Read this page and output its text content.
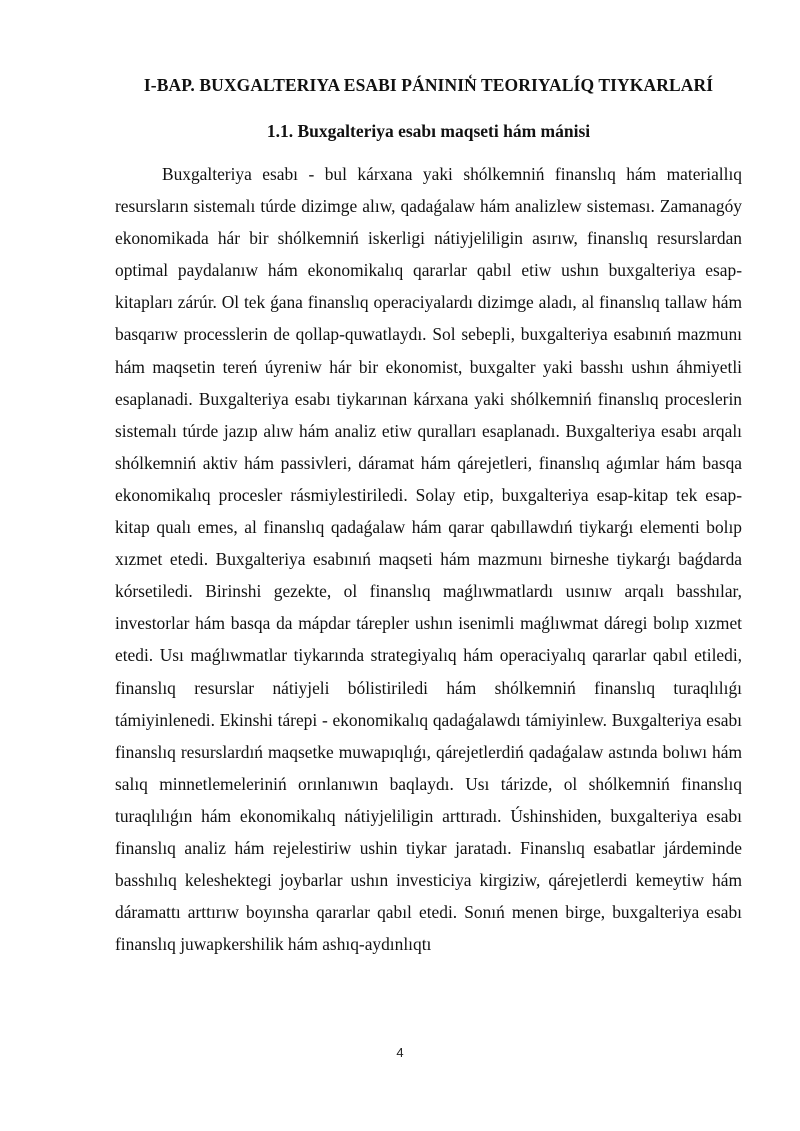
I-BAP. BUXGALTERIYA ESABI PÁNININ̒ TEORIYALÍQ TIYKARLARÍ
1.1. Buxgalteriya esabı maqseti hám mánisi

Buxgalteriya esabı - bul kárxana yaki shólkemniń finanslıq hám materiallıq resursların sistemalı túrde dizimge alıw, qadaǵalaw hám analizlew sisteması. Zamanagóy ekonomikada hár bir shólkemniń iskerligi nátiyjeliligin asırıw, finanslıq resurslardan optimal paydalanıw hám ekonomikalıq qararlar qabıl etiw ushın buxgalteriya esap-kitapları zárúr. Ol tek ǵana finanslıq operaciyalardı dizimge aladı, al finanslıq tallaw hám basqarıw processlerin de qollap-quwatlaydı. Sol sebepli, buxgalteriya esabınıń mazmunı hám maqsetin tereń úyreniw hár bir ekonomist, buxgalter yaki basshı ushın áhmiyetli esaplanadi. Buxgalteriya esabı tiykarınan kárxana yaki shólkemniń finanslıq proceslerin sistemalı túrde jazıp alıw hám analiz etiw quralları esaplanadı. Buxgalteriya esabı arqalı shólkemniń aktiv hám passivleri, dáramat hám qárejetleri, finanslıq aǵımlar hám basqa ekonomikalıq procesler rásmiylestiriledi. Solay etip, buxgalteriya esap-kitap tek esap-kitap qualı emes, al finanslıq qadaǵalaw hám qarar qabıllawdıń tiykarǵı elementi bolıp xızmet etedi. Buxgalteriya esabınıń maqseti hám mazmunı birneshe tiykarǵı baǵdarda kórsetiledi. Birinshi gezekte, ol finanslıq maǵlıwmatlardı usınıw arqalı basshılar, investorlar hám basqa da mápdar tárepler ushın isenimli maǵlıwmat dáregi bolıp xızmet etedi. Usı maǵlıwmatlar tiykarında strategiyalıq hám operaciyalıq qararlar qabıl etiledi, finanslıq resurslar nátiyjeli bólistiriledi hám shólkemniń finanslıq turaqlılıǵı támiyinlenedi. Ekinshi tárepi - ekonomikalıq qadaǵalawdı támiyinlew. Buxgalteriya esabı finanslıq resurslardıń maqsetke muwapıqlıǵı, qárejetlerdiń qadaǵalaw astında bolıwı hám salıq minnetlemeleriniń orınlanıwın baqlaydı. Usı tárizde, ol shólkemniń finanslıq turaqlılıǵın hám ekonomikalıq nátiyjeliligin arttıradı. Úshinshiden, buxgalteriya esabı finanslıq analiz hám rejelestiriw ushin tiykar jaratadı. Finanslıq esabatlar járdeminde basshılıq keleshektegi joybarlar ushın investiciya kirgiziw, qárejetlerdi kemeytiw hám dáramattı arttırıw boyınsha qararlar qabıl etedi. Sonıń menen birge, buxgalteriya esabı finanslıq juwapkershilik hám ashıq-aydınlıqtı

4
